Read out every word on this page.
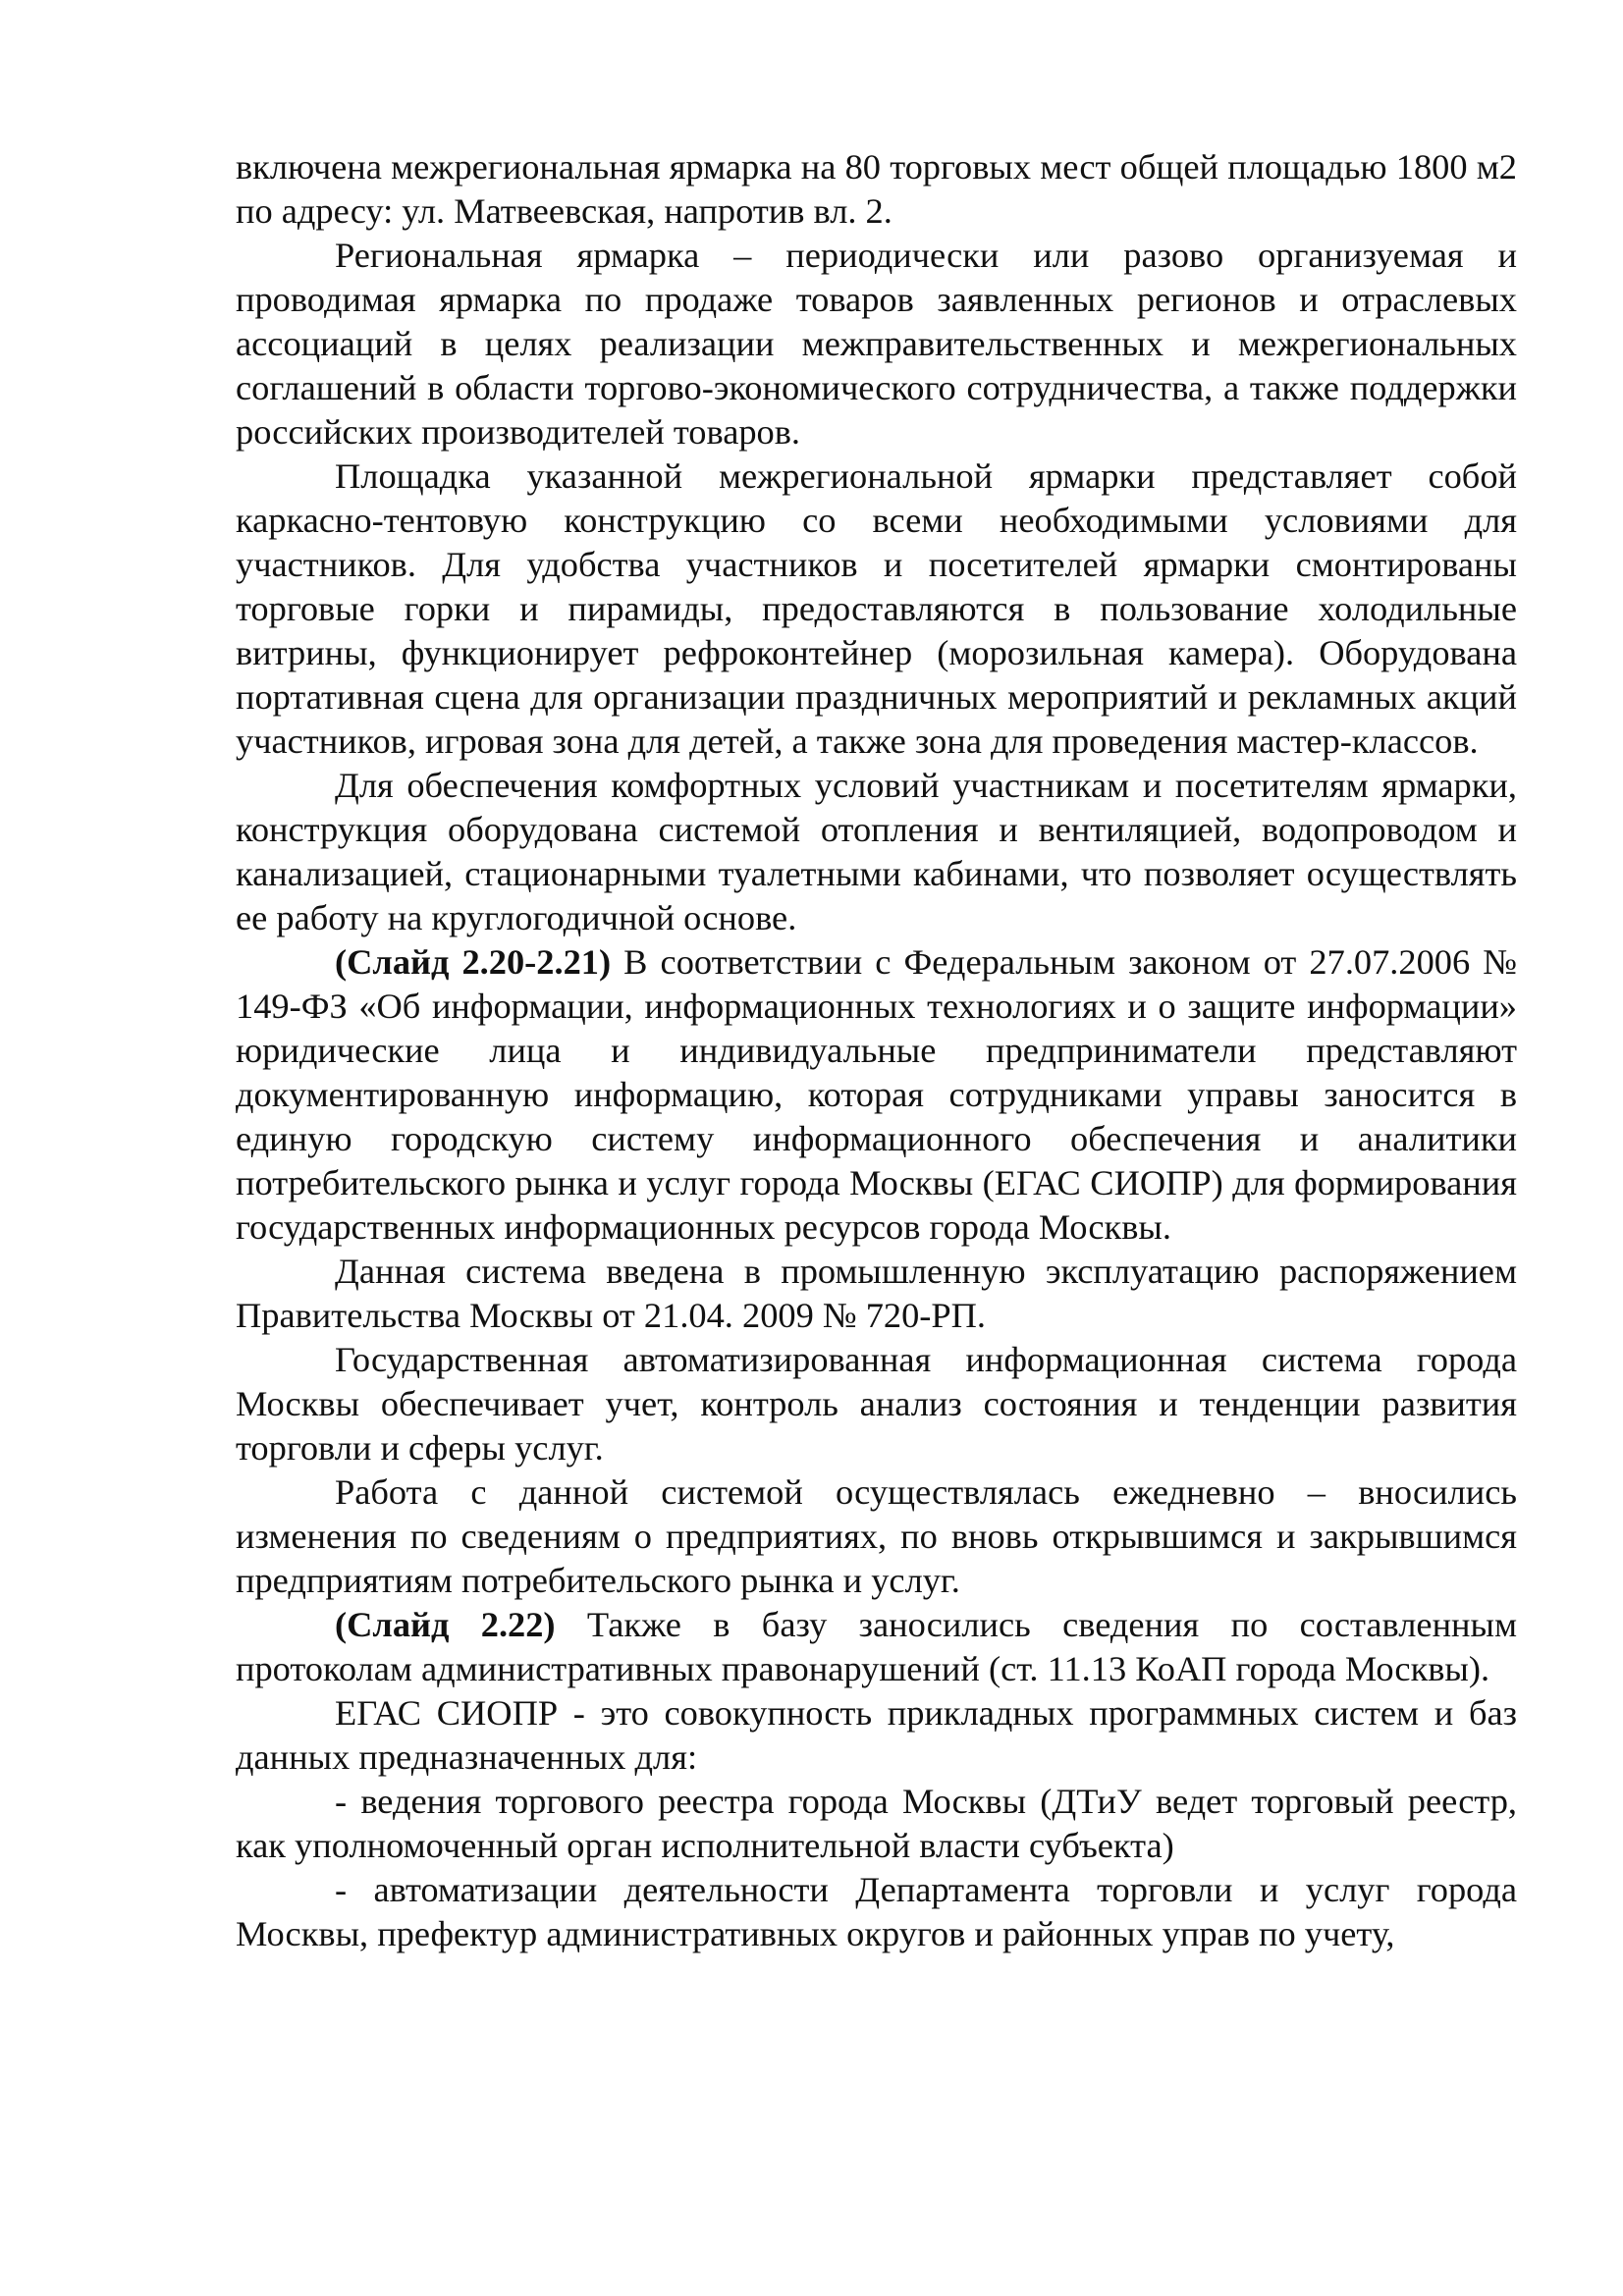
включена межрегиональная ярмарка на 80 торговых мест общей площадью 1800 м2 по адресу: ул. Матвеевская, напротив вл. 2.

Региональная ярмарка – периодически или разово организуемая и проводимая ярмарка по продаже товаров заявленных регионов и отраслевых ассоциаций в целях реализации межправительственных и межрегиональных соглашений в области торгово-экономического сотрудничества, а также поддержки российских производителей товаров.

Площадка указанной межрегиональной ярмарки представляет собой каркасно-тентовую конструкцию со всеми необходимыми условиями для участников. Для удобства участников и посетителей ярмарки смонтированы торговые горки и пирамиды, предоставляются в пользование холодильные витрины, функционирует рефроконтейнер (морозильная камера). Оборудована портативная сцена для организации праздничных мероприятий и рекламных акций участников, игровая зона для детей, а также зона для проведения мастер-классов.

Для обеспечения комфортных условий участникам и посетителям ярмарки, конструкция оборудована системой отопления и вентиляцией, водопроводом и канализацией, стационарными туалетными кабинами, что позволяет осуществлять ее работу на круглогодичной основе.

(Слайд 2.20-2.21) В соответствии с Федеральным законом от 27.07.2006 № 149-ФЗ «Об информации, информационных технологиях и о защите информации» юридические лица и индивидуальные предприниматели представляют документированную информацию, которая сотрудниками управы заносится в единую городскую систему информационного обеспечения и аналитики потребительского рынка и услуг города Москвы (ЕГАС СИОПР) для формирования государственных информационных ресурсов города Москвы.

Данная система введена в промышленную эксплуатацию распоряжением Правительства Москвы от 21.04. 2009 № 720-РП.

Государственная автоматизированная информационная система города Москвы обеспечивает учет, контроль анализ состояния и тенденции развития торговли и сферы услуг.

Работа с данной системой осуществлялась ежедневно – вносились изменения по сведениям о предприятиях, по вновь открывшимся и закрывшимся предприятиям потребительского рынка и услуг.

(Слайд 2.22) Также в базу заносились сведения по составленным протоколам административных правонарушений (ст. 11.13 КоАП города Москвы).

ЕГАС СИОПР - это совокупность прикладных программных систем и баз данных предназначенных для:

- ведения торгового реестра города Москвы (ДТиУ ведет торговый реестр, как уполномоченный орган исполнительной власти субъекта)

- автоматизации деятельности Департамента торговли и услуг города Москвы, префектур административных округов и районных управ по учету,
